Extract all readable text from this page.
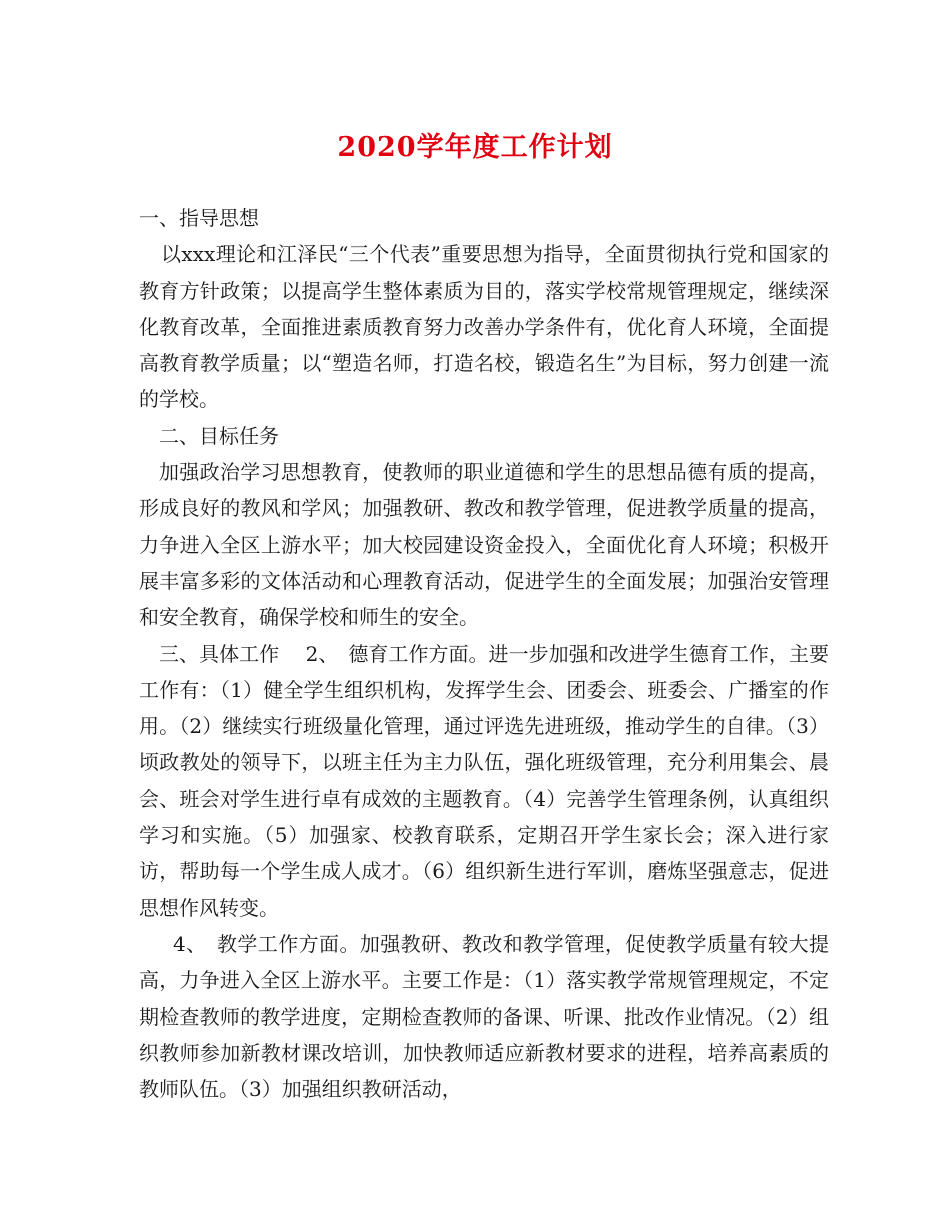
2020学年度工作计划

一、指导思想

以xxx理论和江泽民“三个代表”重要思想为指导，全面贯彻执行党和国家的教育方针政策；以提高学生整体素质为目的，落实学校常规管理规定，继续深化教育改革，全面推进素质教育努力改善办学条件有，优化育人环境，全面提高教育教学质量；以“塑造名师，打造名校，锻造名生”为目标，努力创建一流的学校。

二、目标任务

加强政治学习思想教育，使教师的职业道德和学生的思想品德有质的提高，形成良好的教风和学风；加强教研、教改和教学管理，促进教学质量的提高，力争进入全区上游水平；加大校园建设资金投入，全面优化育人环境；积极开展丰富多彩的文体活动和心理教育活动，促进学生的全面发展；加强治安管理和安全教育，确保学校和师生的安全。

三、具体工作　 2、　德育工作方面。进一步加强和改进学生德育工作，主要工作有：（1）健全学生组织机构，发挥学生会、团委会、班委会、广播室的作用。（2）继续实行班级量化管理，通过评选先进班级，推动学生的自律。（3）顷政教处的领导下，以班主任为主力队伍，强化班级管理，充分利用集会、晨会、班会对学生进行卓有成效的主题教育。（4）完善学生管理条例，认真组织学习和实施。（5）加强家、校教育联系，定期召开学生家长会；深入进行家访，帮助每一个学生成人成才。（6）组织新生进行军训，磨炼坚强意志，促进思想作风转变。

4、　教学工作方面。加强教研、教改和教学管理，促使教学质量有较大提高，力争进入全区上游水平。主要工作是：（1）落实教学常规管理规定，不定期检查教师的教学进度，定期检查教师的备课、听课、批改作业情况。（2）组织教师参加新教材课改培训，加快教师适应新教材要求的进程，培养高素质的教师队伍。（3）加强组织教研活动，
